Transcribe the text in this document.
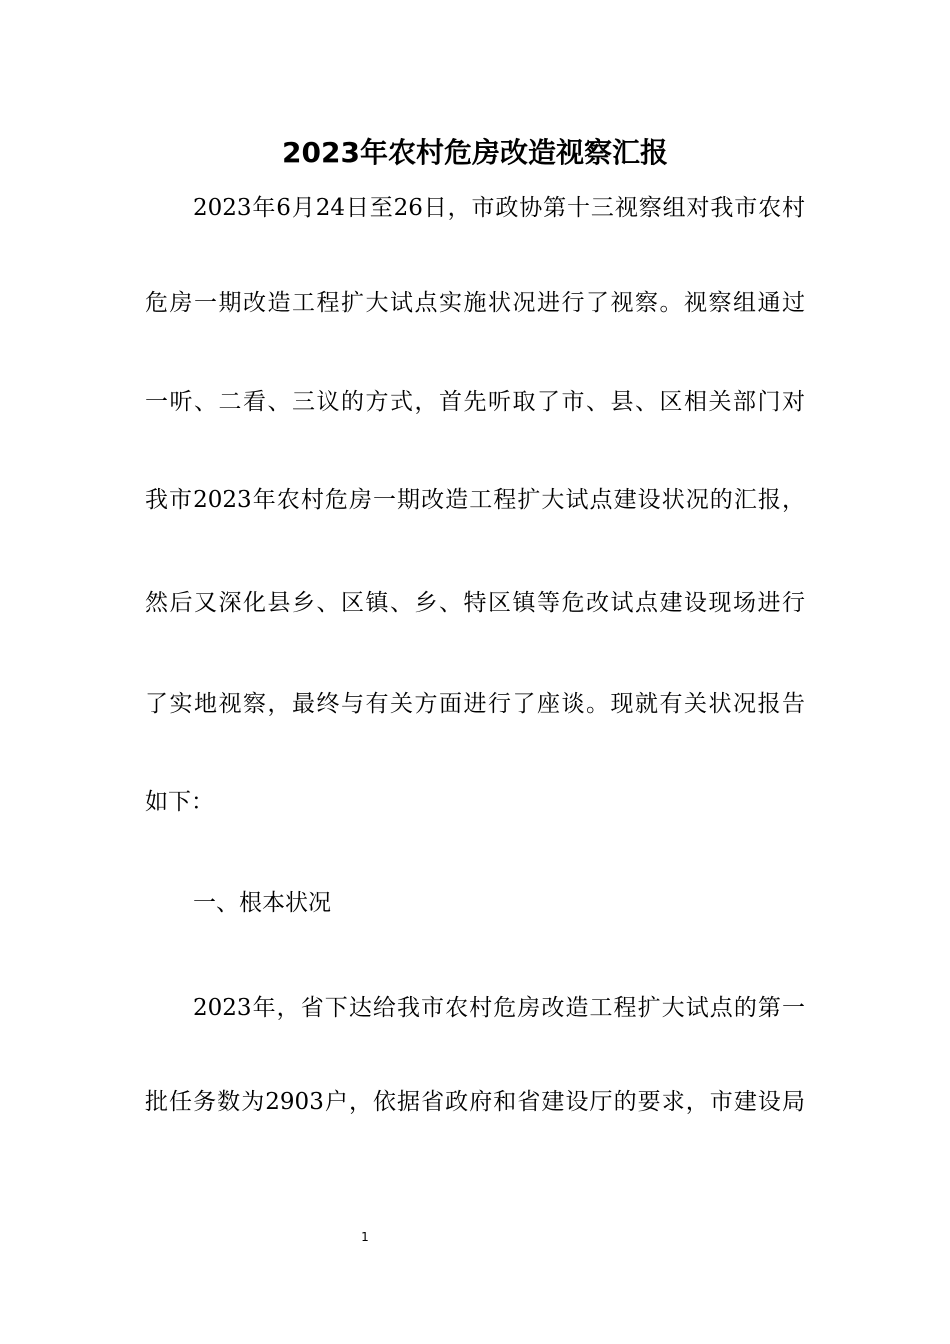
2023年农村危房改造视察汇报
2023年6月24日至26日，市政协第十三视察组对我市农村
危房一期改造工程扩大试点实施状况进行了视察。视察组通过
一听、二看、三议的方式，首先听取了市、县、区相关部门对
我市2023年农村危房一期改造工程扩大试点建设状况的汇报，
然后又深化县乡、区镇、乡、特区镇等危改试点建设现场进行
了实地视察，最终与有关方面进行了座谈。现就有关状况报告
如下：
一、根本状况
2023年，省下达给我市农村危房改造工程扩大试点的第一
批任务数为2903户，依据省政府和省建设厅的要求，市建设局
1
